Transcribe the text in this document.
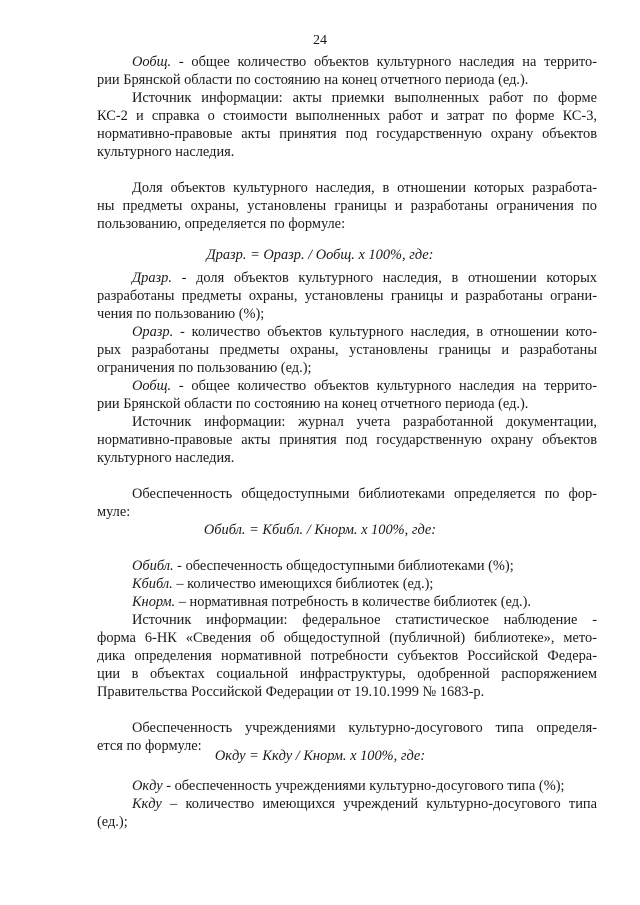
24
Oобщ. - общее количество объектов культурного наследия на террито-
рии Брянской области по состоянию на конец отчетного периода (ед.).
Источник информации: акты приемки выполненных работ по форме
КС-2 и справка о стоимости выполненных работ и затрат по форме КС-3,
нормативно-правовые акты принятия под государственную охрану объектов
культурного наследия.
Доля объектов культурного наследия, в отношении которых разработа-
ны предметы охраны, установлены границы и разработаны ограничения по
пользованию, определяется по формуле:
Дразр. - доля объектов культурного наследия, в отношении которых
разработаны предметы охраны, установлены границы и разработаны ограни-
чения по пользованию (%);
Оразр. - количество объектов культурного наследия, в отношении кото-
рых разработаны предметы охраны, установлены границы и разработаны
ограничения по пользованию (ед.);
Oобщ. - общее количество объектов культурного наследия на террито-
рии Брянской области по состоянию на конец отчетного периода (ед.).
Источник информации: журнал учета разработанной документации,
нормативно-правовые акты принятия под государственную охрану объектов
культурного наследия.
Обеспеченность общедоступными библиотеками определяется по фор-
муле:
Oбибл. - обеспеченность общедоступными библиотеками (%);
Кбибл. – количество имеющихся библиотек (ед.);
Кнорм. – нормативная потребность в количестве библиотек (ед.).
Источник информации: федеральное статистическое наблюдение -
форма 6-НК «Сведения об общедоступной (публичной) библиотеке», мето-
дика определения нормативной потребности субъектов Российской Федера-
ции в объектах социальной инфраструктуры, одобренной распоряжением
Правительства Российской Федерации от 19.10.1999 № 1683-р.
Обеспеченность учреждениями культурно-досугового типа определя-
ется по формуле:
Окду - обеспеченность учреждениями культурно-досугового типа (%);
Ккду – количество имеющихся учреждений культурно-досугового типа
(ед.);
Дразр. = Оразр. / Oобщ. х 100%, где:
Oбибл. = Кбибл. / Кнорм. х 100%, где:
Окду = Ккду / Кнорм. х 100%, где:
